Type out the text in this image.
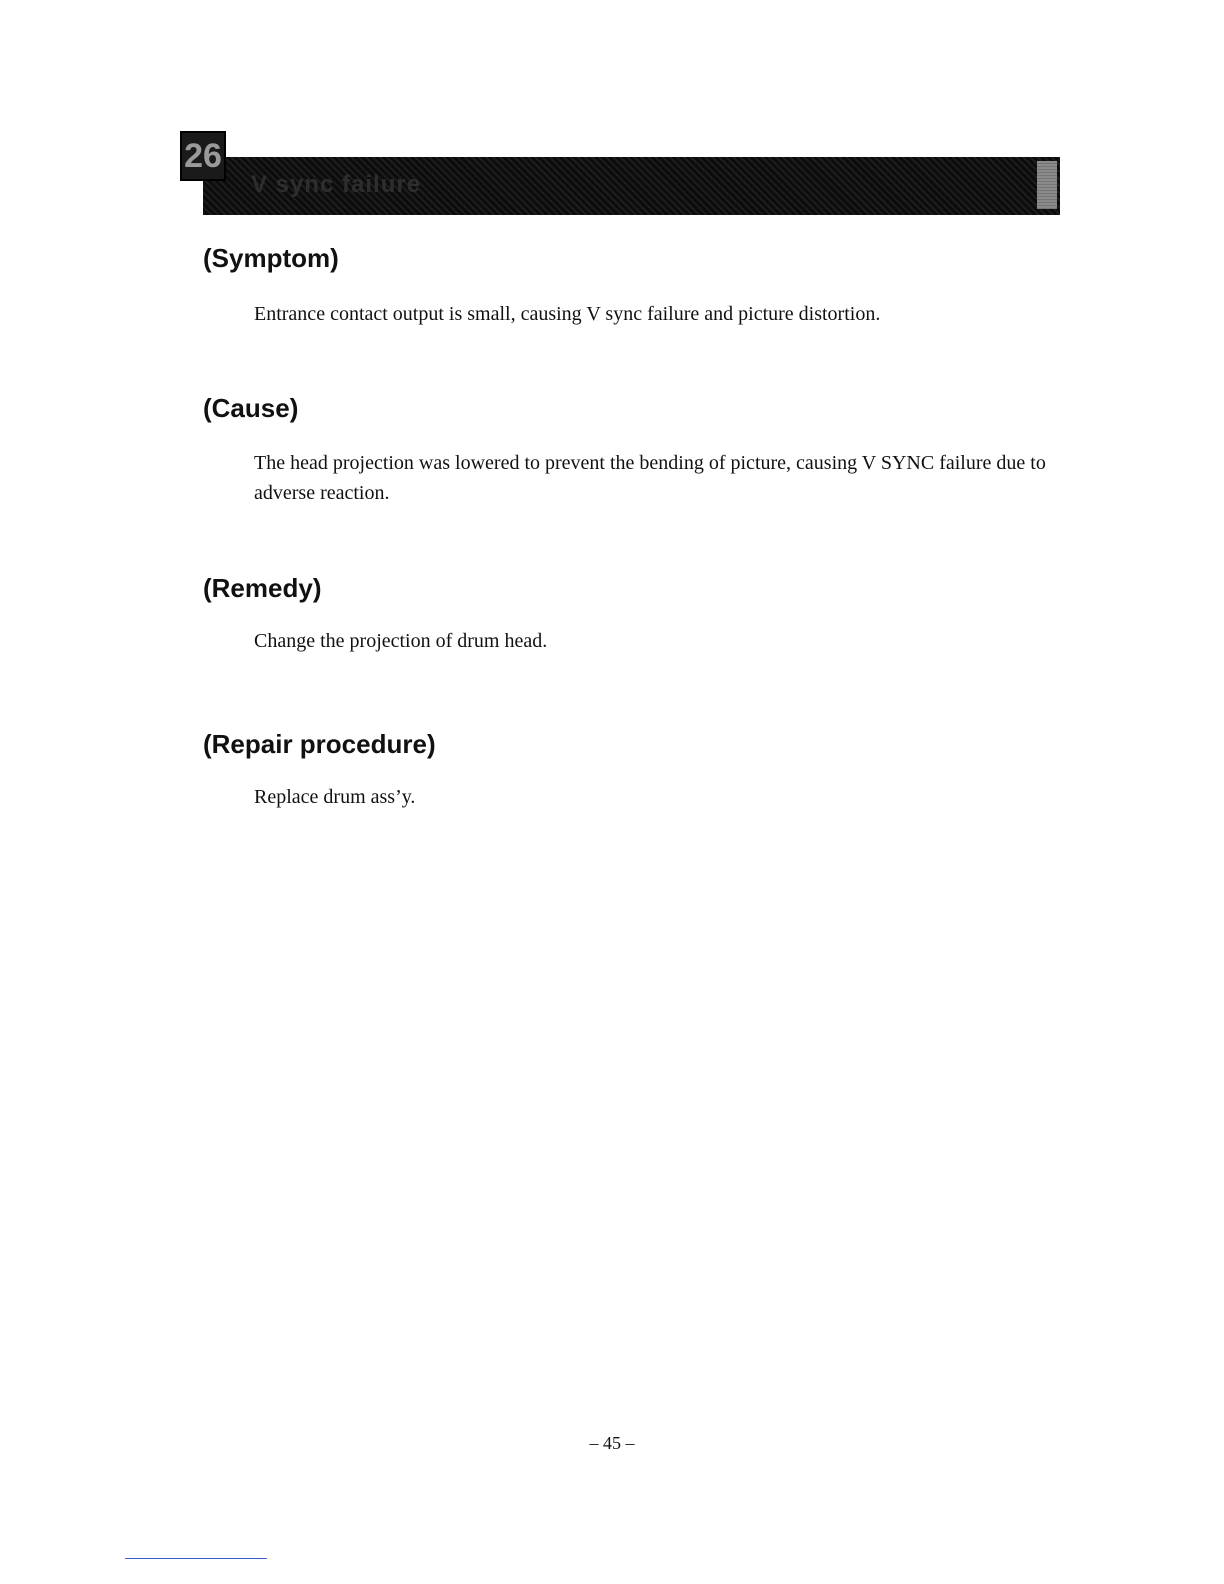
V sync failure
26
(Symptom)

Entrance contact output is small, causing V sync failure and picture distortion.

(Cause)

The head projection was lowered to prevent the bending of picture, causing V SYNC failure due to adverse reaction.

(Remedy)

Change the projection of drum head.

(Repair procedure)

Replace drum ass’y.

– 45 –
